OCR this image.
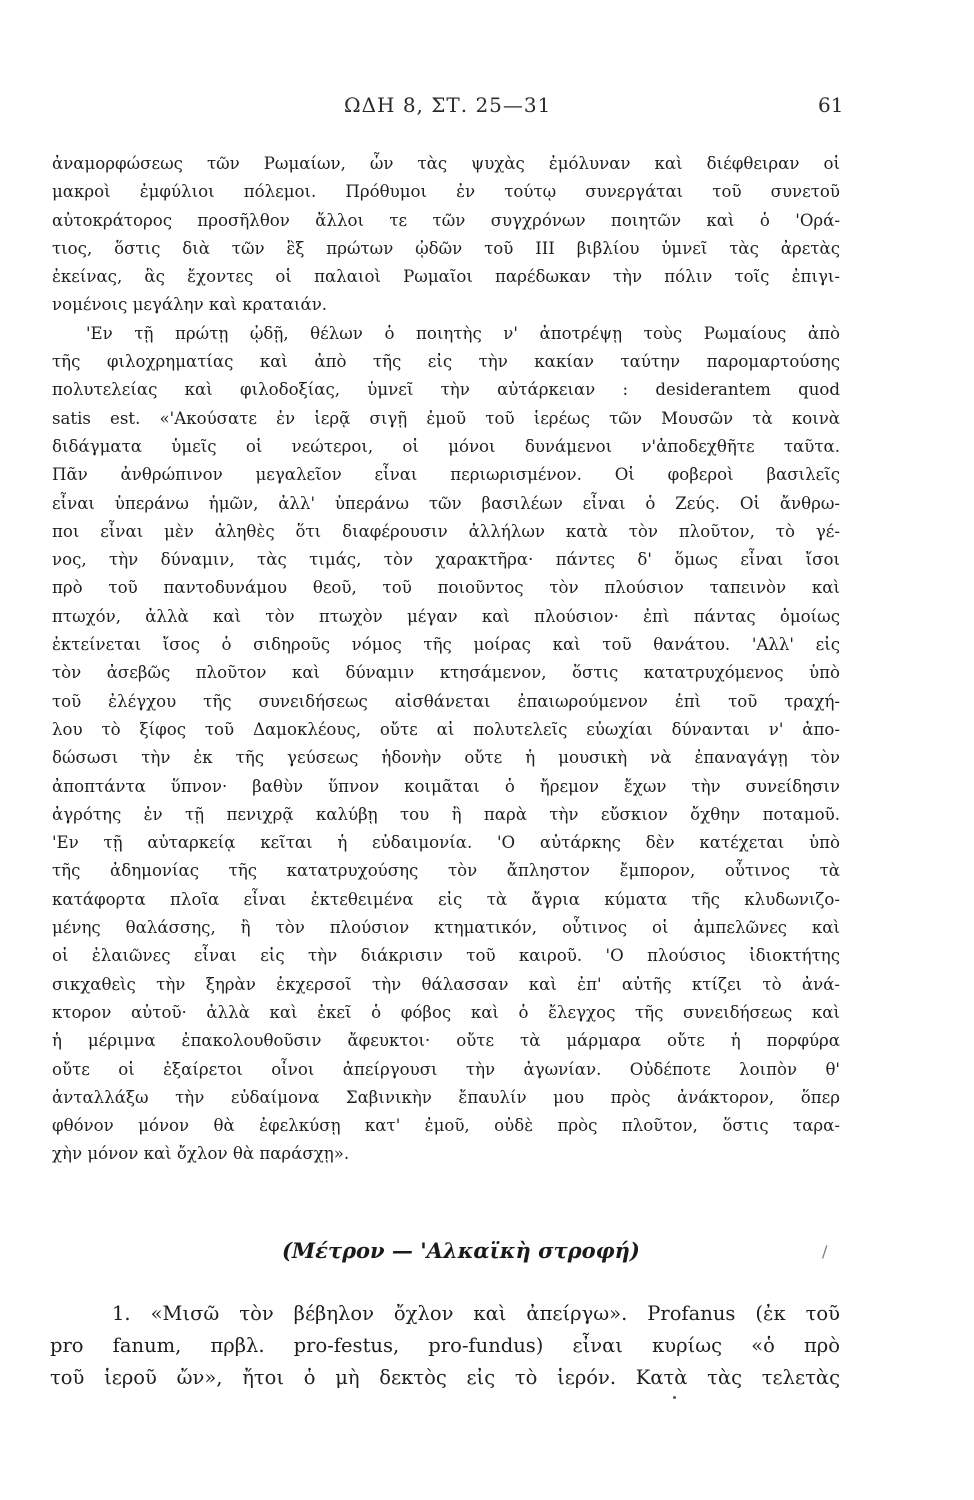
ΩΔΗ 8, ΣΤ. 25—31	61
ἀναμορφώσεως τῶν Ρωμαίων, ὧν τὰς ψυχὰς ἐμόλυναν καὶ διέφθειραν οἱ
μακροὶ ἐμφύλιοι πόλεμοι. Πρόθυμοι ἐν τούτῳ συνεργάται τοῦ συνετοῦ
αὐτοκράτορος προσῆλθον ἄλλοι τε τῶν συγχρόνων ποιητῶν καὶ ὁ 'Ορά-
τιος, ὅστις διὰ τῶν ἓξ πρώτων ᾠδῶν τοῦ III βιβλίου ὑμνεῖ τὰς ἀρετὰς
ἐκείνας, ἃς ἔχοντες οἱ παλαιοὶ Ρωμαῖοι παρέδωκαν τὴν πόλιν τοῖς ἐπιγι-
νομένοις μεγάλην καὶ κραταιάν.
'Εν τῇ πρώτῃ ᾠδῇ, θέλων ὁ ποιητὴς ν' ἀποτρέψῃ τοὺς Ρωμαίους ἀπὸ
τῆς φιλοχρηματίας καὶ ἀπὸ τῆς εἰς τὴν κακίαν ταύτην παρομαρτούσης
πολυτελείας καὶ φιλοδοξίας, ὑμνεῖ τὴν αὐτάρκειαν : desiderantem quod
satis est. «'Ακούσατε ἐν ἱερᾷ σιγῇ ἐμοῦ τοῦ ἱερέως τῶν Μουσῶν τὰ κοινὰ
διδάγματα ὑμεῖς οἱ νεώτεροι, οἱ μόνοι δυνάμενοι ν'ἀποδεχθῆτε ταῦτα.
Πᾶν ἀνθρώπινον μεγαλεῖον εἶναι περιωρισμένον. Οἱ φοβεροὶ βασιλεῖς
εἶναι ὑπεράνω ἡμῶν, ἀλλ' ὑπεράνω τῶν βασιλέων εἶναι ὁ Ζεύς. Οἱ ἄνθρω-
ποι εἶναι μὲν ἀληθὲς ὅτι διαφέρουσιν ἀλλήλων κατὰ τὸν πλοῦτον, τὸ γέ-
νος, τὴν δύναμιν, τὰς τιμάς, τὸν χαρακτῆρα· πάντες δ' ὅμως εἶναι ἴσοι
πρὸ τοῦ παντοδυνάμου θεοῦ, τοῦ ποιοῦντος τὸν πλούσιον ταπεινὸν καὶ
πτωχόν, ἀλλὰ καὶ τὸν πτωχὸν μέγαν καὶ πλούσιον· ἐπὶ πάντας ὁμοίως
ἐκτείνεται ἴσος ὁ σιδηροῦς νόμος τῆς μοίρας καὶ τοῦ θανάτου. 'Αλλ' εἰς
τὸν ἀσεβῶς πλοῦτον καὶ δύναμιν κτησάμενον, ὅστις κατατρυχόμενος ὑπὸ
τοῦ ἐλέγχου τῆς συνειδήσεως αἰσθάνεται ἐπαιωρούμενον ἐπὶ τοῦ τραχή-
λου τὸ ξίφος τοῦ Δαμοκλέους, οὔτε αἱ πολυτελεῖς εὐωχίαι δύνανται ν' ἀπο-
δώσωσι τὴν ἐκ τῆς γεύσεως ἡδονὴν οὔτε ἡ μουσικὴ νὰ ἐπαναγάγῃ τὸν
ἀποπτάντα ὕπνον· βαθὺν ὕπνον κοιμᾶται ὁ ἤρεμον ἔχων τὴν συνείδησιν
ἀγρότης ἐν τῇ πενιχρᾷ καλύβῃ του ἢ παρὰ τὴν εὔσκιον ὄχθην ποταμοῦ.
'Εν τῇ αὐταρκείᾳ κεῖται ἡ εὐδαιμονία. 'Ο αὐτάρκης δὲν κατέχεται ὑπὸ
τῆς ἀδημονίας τῆς κατατρυχούσης τὸν ἄπληστον ἔμπορον, οὗτινος τὰ
κατάφορτα πλοῖα εἶναι ἐκτεθειμένα εἰς τὰ ἄγρια κύματα τῆς κλυδωνιζο-
μένης θαλάσσης, ἢ τὸν πλούσιον κτηματικόν, οὗτινος οἱ ἀμπελῶνες καὶ
οἱ ἐλαιῶνες εἶναι εἰς τὴν διάκρισιν τοῦ καιροῦ. 'Ο πλούσιος ἰδιοκτήτης
σικχαθεὶς τὴν ξηρὰν ἐκχερσοῖ τὴν θάλασσαν καὶ ἐπ' αὐτῆς κτίζει τὸ ἀνά-
κτορον αὐτοῦ· ἀλλὰ καὶ ἐκεῖ ὁ φόβος καὶ ὁ ἔλεγχος τῆς συνειδήσεως καὶ
ἡ μέριμνα ἐπακολουθοῦσιν ἄφευκτοι· οὔτε τὰ μάρμαρα οὔτε ἡ πορφύρα
οὔτε οἱ ἐξαίρετοι οἶνοι ἀπείργουσι τὴν ἀγωνίαν. Οὐδέποτε λοιπὸν θ'
ἀνταλλάξω τὴν εὐδαίμονα Σαβινικὴν ἔπαυλίν μου πρὸς ἀνάκτορον, ὅπερ
φθόνον μόνον θὰ ἐφελκύσῃ κατ' ἐμοῦ, οὐδὲ πρὸς πλοῦτον, ὅστις ταρα-
χὴν μόνον καὶ ὄχλον θὰ παράσχῃ».
(Μέτρον — 'Αλκαϊκὴ στροφή)	/
1. «Μισῶ τὸν βέβηλον ὄχλον καὶ ἀπείργω». Profanus (ἐκ τοῦ
pro fanum, πρβλ. pro-festus, pro-fundus) εἶναι κυρίως «ὁ πρὸ
τοῦ ἱεροῦ ὤν», ἤτοι ὁ μὴ δεκτὸς εἰς τὸ ἱερόν. Κατὰ τὰς τελετὰς
